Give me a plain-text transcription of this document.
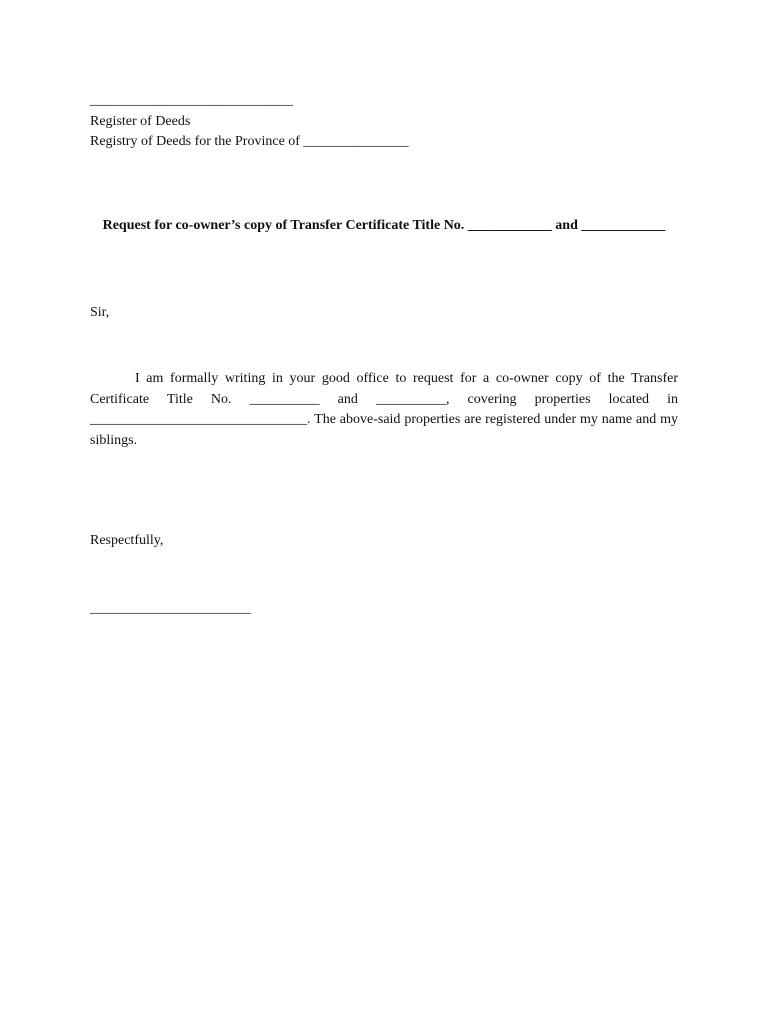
_____________________________
Register of Deeds
Registry of Deeds for the Province of _______________
Request for co-owner’s copy of Transfer Certificate Title No. ____________ and ____________
Sir,
I am formally writing in your good office to request for a co-owner copy of the Transfer Certificate Title No. __________ and __________, covering properties located in _______________________________. The above-said properties are registered under my name and my siblings.
Respectfully,
_______________________
